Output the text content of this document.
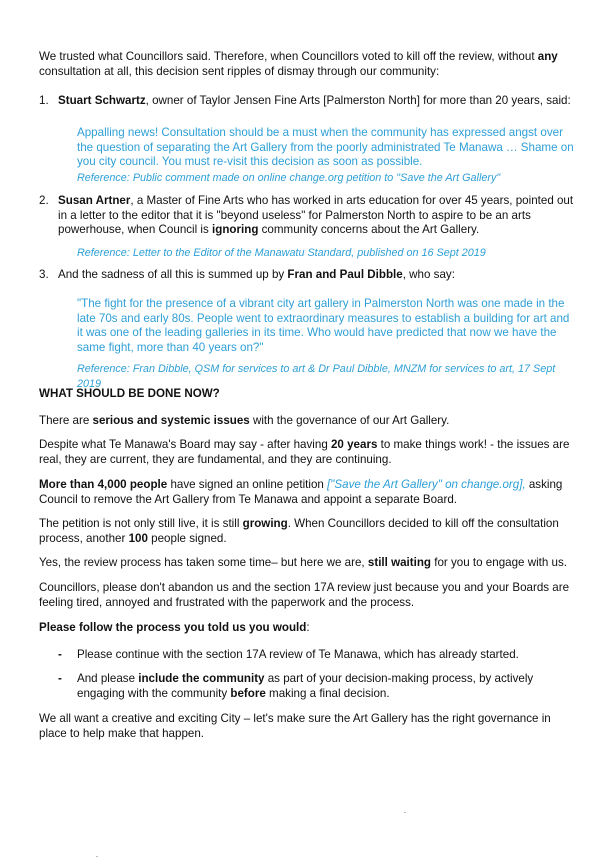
We trusted what Councillors said. Therefore, when Councillors voted to kill off the review, without any consultation at all, this decision sent ripples of dismay through our community:

1. Stuart Schwartz, owner of Taylor Jensen Fine Arts [Palmerston North] for more than 20 years, said:

Appalling news! Consultation should be a must when the community has expressed angst over the question of separating the Art Gallery from the poorly administrated Te Manawa … Shame on you city council. You must re-visit this decision as soon as possible.

Reference: Public comment made on online change.org petition to "Save the Art Gallery"

2. Susan Artner, a Master of Fine Arts who has worked in arts education for over 45 years, pointed out in a letter to the editor that it is "beyond useless" for Palmerston North to aspire to be an arts powerhouse, when Council is ignoring community concerns about the Art Gallery.

Reference: Letter to the Editor of the Manawatu Standard, published on 16 Sept 2019

3. And the sadness of all this is summed up by Fran and Paul Dibble, who say:

"The fight for the presence of a vibrant city art gallery in Palmerston North was one made in the late 70s and early 80s. People went to extraordinary measures to establish a building for art and it was one of the leading galleries in its time. Who would have predicted that now we have the same fight, more than 40 years on?"

Reference: Fran Dibble, QSM for services to art & Dr Paul Dibble, MNZM for services to art, 17 Sept 2019

WHAT SHOULD BE DONE NOW?

There are serious and systemic issues with the governance of our Art Gallery.

Despite what Te Manawa's Board may say - after having 20 years to make things work! - the issues are real, they are current, they are fundamental, and they are continuing.

More than 4,000 people have signed an online petition ["Save the Art Gallery" on change.org], asking Council to remove the Art Gallery from Te Manawa and appoint a separate Board.

The petition is not only still live, it is still growing. When Councillors decided to kill off the consultation process, another 100 people signed.

Yes, the review process has taken some time– but here we are, still waiting for you to engage with us.

Councillors, please don't abandon us and the section 17A review just because you and your Boards are feeling tired, annoyed and frustrated with the paperwork and the process.

Please follow the process you told us you would:

- Please continue with the section 17A review of Te Manawa, which has already started.

- And please include the community as part of your decision-making process, by actively engaging with the community before making a final decision.

We all want a creative and exciting City – let's make sure the Art Gallery has the right governance in place to help make that happen.
